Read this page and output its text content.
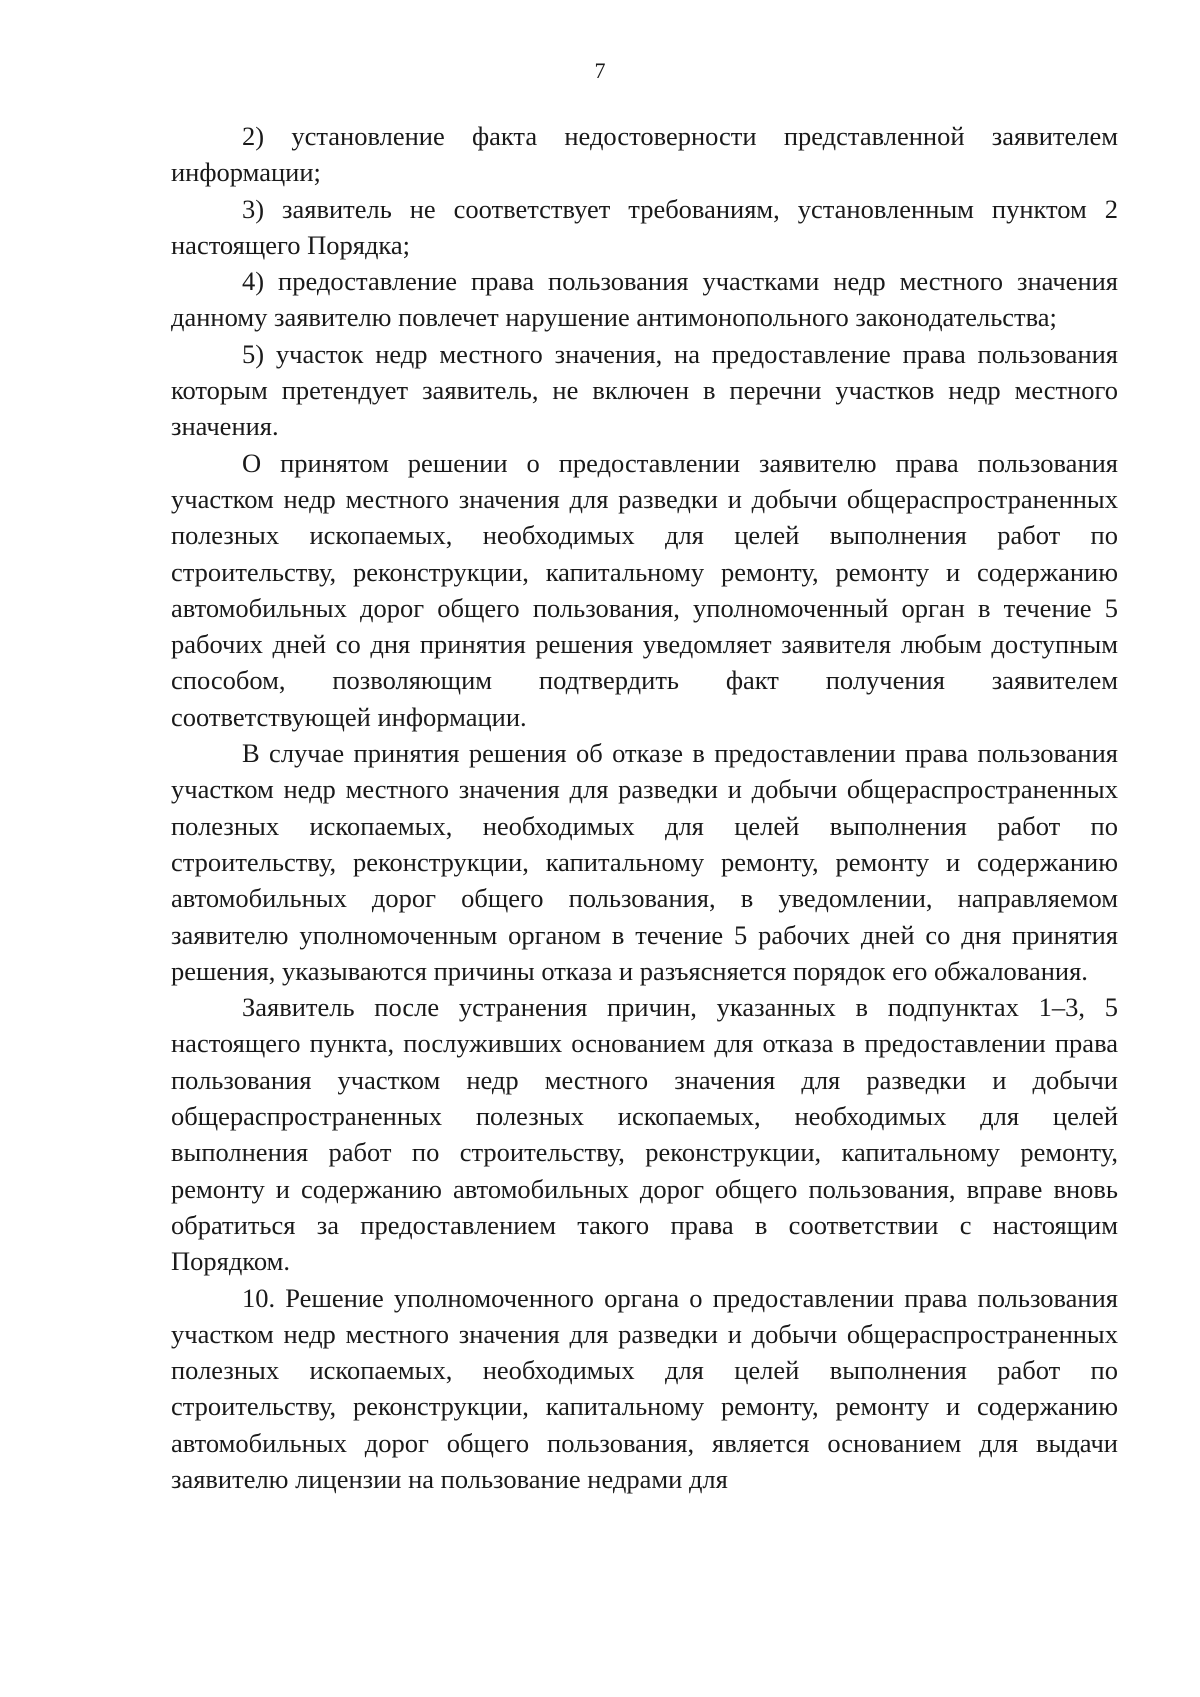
7

2) установление факта недостоверности представленной заявителем информации;

3) заявитель не соответствует требованиям, установленным пунктом 2 настоящего Порядка;

4) предоставление права пользования участками недр местного значения данному заявителю повлечет нарушение антимонопольного законодательства;

5) участок недр местного значения, на предоставление права пользования которым претендует заявитель, не включен в перечни участков недр местного значения.

О принятом решении о предоставлении заявителю права пользования участком недр местного значения для разведки и добычи общераспространенных полезных ископаемых, необходимых для целей выполнения работ по строительству, реконструкции, капитальному ремонту, ремонту и содержанию автомобильных дорог общего пользования, уполномоченный орган в течение 5 рабочих дней со дня принятия решения уведомляет заявителя любым доступным способом, позволяющим подтвердить факт получения заявителем соответствующей информации.

В случае принятия решения об отказе в предоставлении права пользования участком недр местного значения для разведки и добычи общераспространенных полезных ископаемых, необходимых для целей выполнения работ по строительству, реконструкции, капитальному ремонту, ремонту и содержанию автомобильных дорог общего пользования, в уведомлении, направляемом заявителю уполномоченным органом в течение 5 рабочих дней со дня принятия решения, указываются причины отказа и разъясняется порядок его обжалования.

Заявитель после устранения причин, указанных в подпунктах 1–3, 5 настоящего пункта, послуживших основанием для отказа в предоставлении права пользования участком недр местного значения для разведки и добычи общераспространенных полезных ископаемых, необходимых для целей выполнения работ по строительству, реконструкции, капитальному ремонту, ремонту и содержанию автомобильных дорог общего пользования, вправе вновь обратиться за предоставлением такого права в соответствии с настоящим Порядком.

10. Решение уполномоченного органа о предоставлении права пользования участком недр местного значения для разведки и добычи общераспространенных полезных ископаемых, необходимых для целей выполнения работ по строительству, реконструкции, капитальному ремонту, ремонту и содержанию автомобильных дорог общего пользования, является основанием для выдачи заявителю лицензии на пользование недрами для
